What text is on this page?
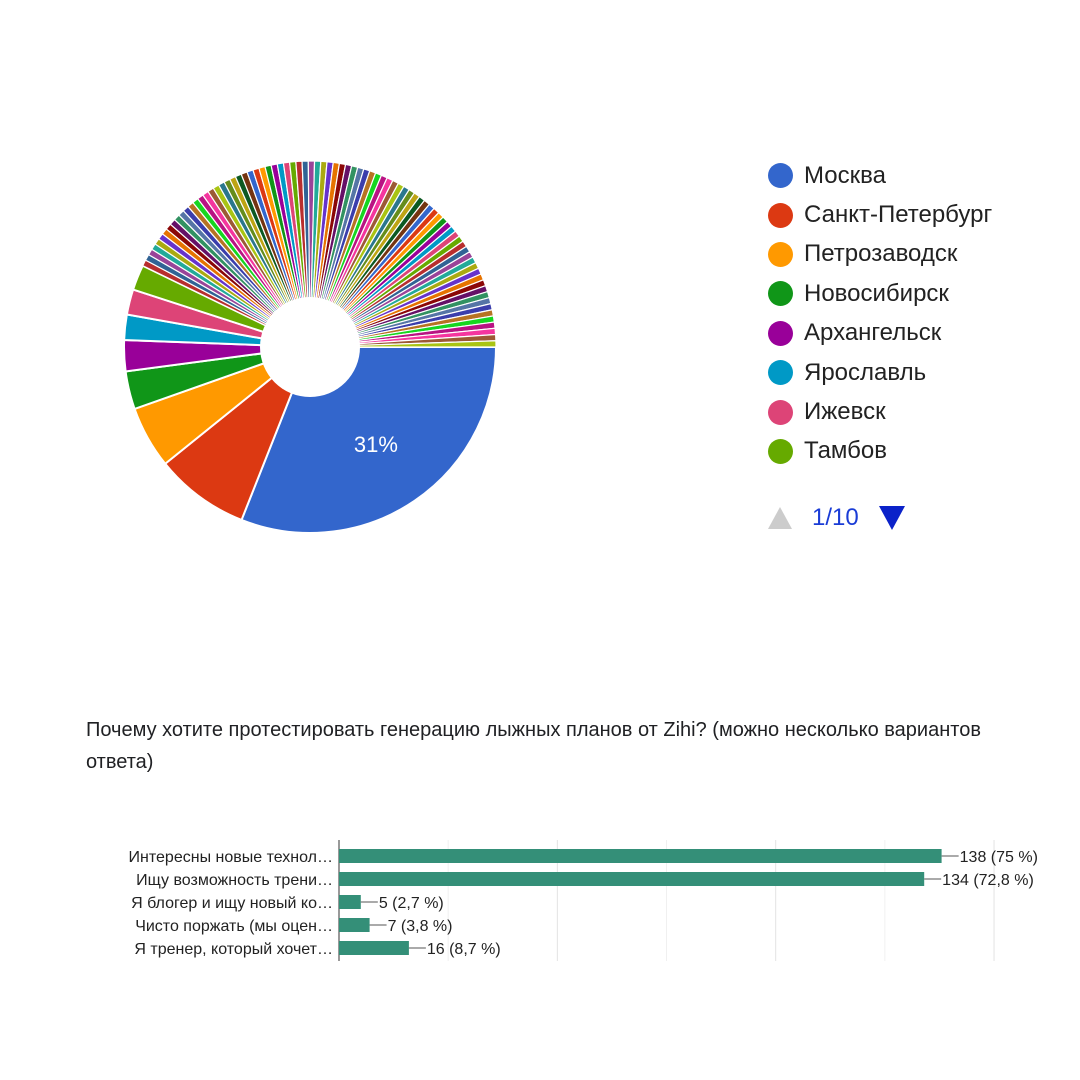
31%
Москва
Санкт-Петербург
Петрозаводск
Новосибирск
Архангельск
Ярославль
Ижевск
Тамбов
1/10

Почему хотите протестировать генерацию лыжных планов от Zihi? (можно несколько вариантов ответа)

Интересны новые технол…	138 (75 %)
Ищу возможность трени…	134 (72,8 %)
Я блогер и ищу новый ко…	5 (2,7 %)
Чисто поржать (мы оцен…	7 (3,8 %)
Я тренер, который хочет…	16 (8,7 %)
